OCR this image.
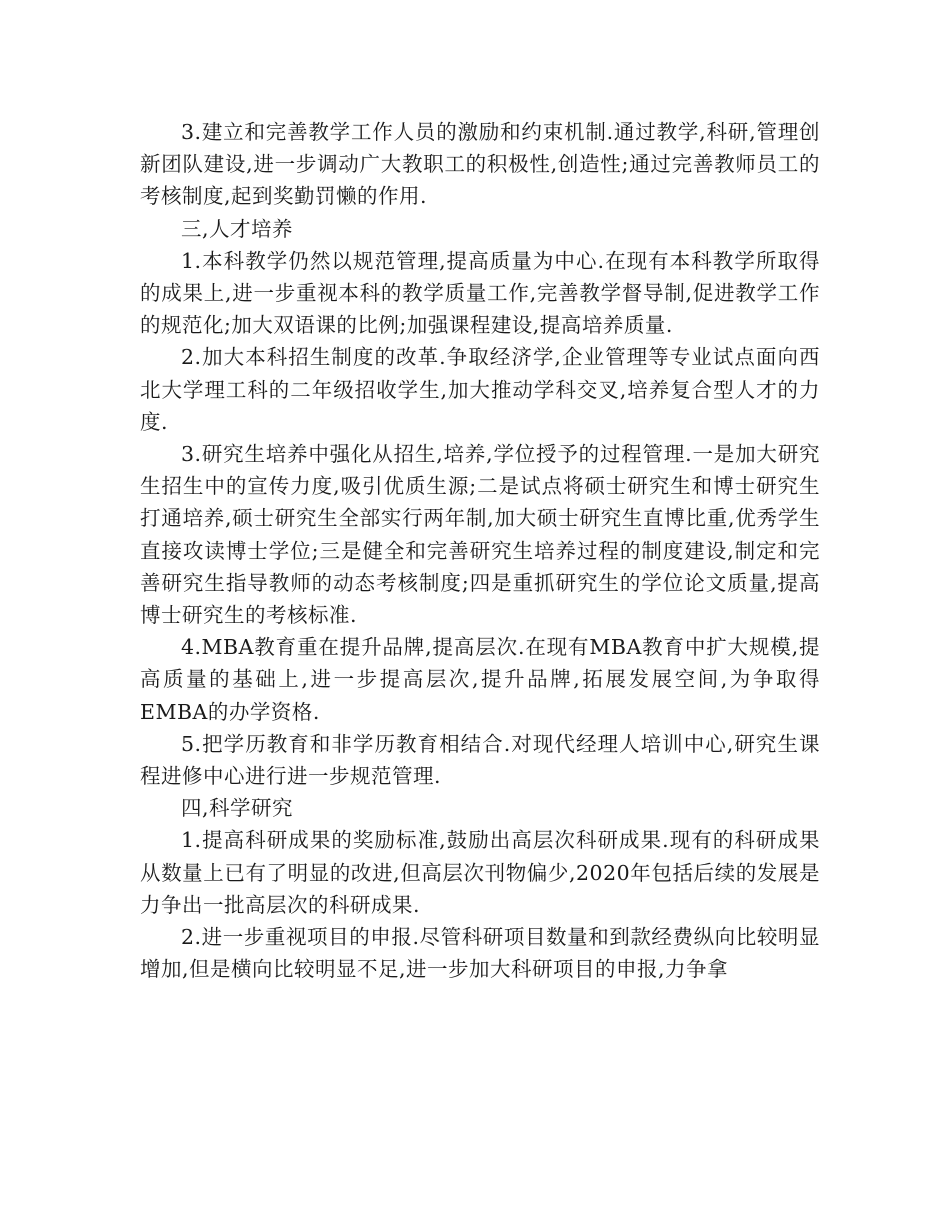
3.建立和完善教学工作人员的激励和约束机制.通过教学,科研,管理创新团队建设,进一步调动广大教职工的积极性,创造性;通过完善教师员工的考核制度,起到奖勤罚懒的作用.

三,人才培养

1.本科教学仍然以规范管理,提高质量为中心.在现有本科教学所取得的成果上,进一步重视本科的教学质量工作,完善教学督导制,促进教学工作的规范化;加大双语课的比例;加强课程建设,提高培养质量.

2.加大本科招生制度的改革.争取经济学,企业管理等专业试点面向西北大学理工科的二年级招收学生,加大推动学科交叉,培养复合型人才的力度.

3.研究生培养中强化从招生,培养,学位授予的过程管理.一是加大研究生招生中的宣传力度,吸引优质生源;二是试点将硕士研究生和博士研究生打通培养,硕士研究生全部实行两年制,加大硕士研究生直博比重,优秀学生直接攻读博士学位;三是健全和完善研究生培养过程的制度建设,制定和完善研究生指导教师的动态考核制度;四是重抓研究生的学位论文质量,提高博士研究生的考核标准.

4.MBA教育重在提升品牌,提高层次.在现有MBA教育中扩大规模,提高质量的基础上,进一步提高层次,提升品牌,拓展发展空间,为争取得EMBA的办学资格.

5.把学历教育和非学历教育相结合.对现代经理人培训中心,研究生课程进修中心进行进一步规范管理.

四,科学研究

1.提高科研成果的奖励标准,鼓励出高层次科研成果.现有的科研成果从数量上已有了明显的改进,但高层次刊物偏少,2020年包括后续的发展是力争出一批高层次的科研成果.

2.进一步重视项目的申报.尽管科研项目数量和到款经费纵向比较明显增加,但是横向比较明显不足,进一步加大科研项目的申报,力争拿
